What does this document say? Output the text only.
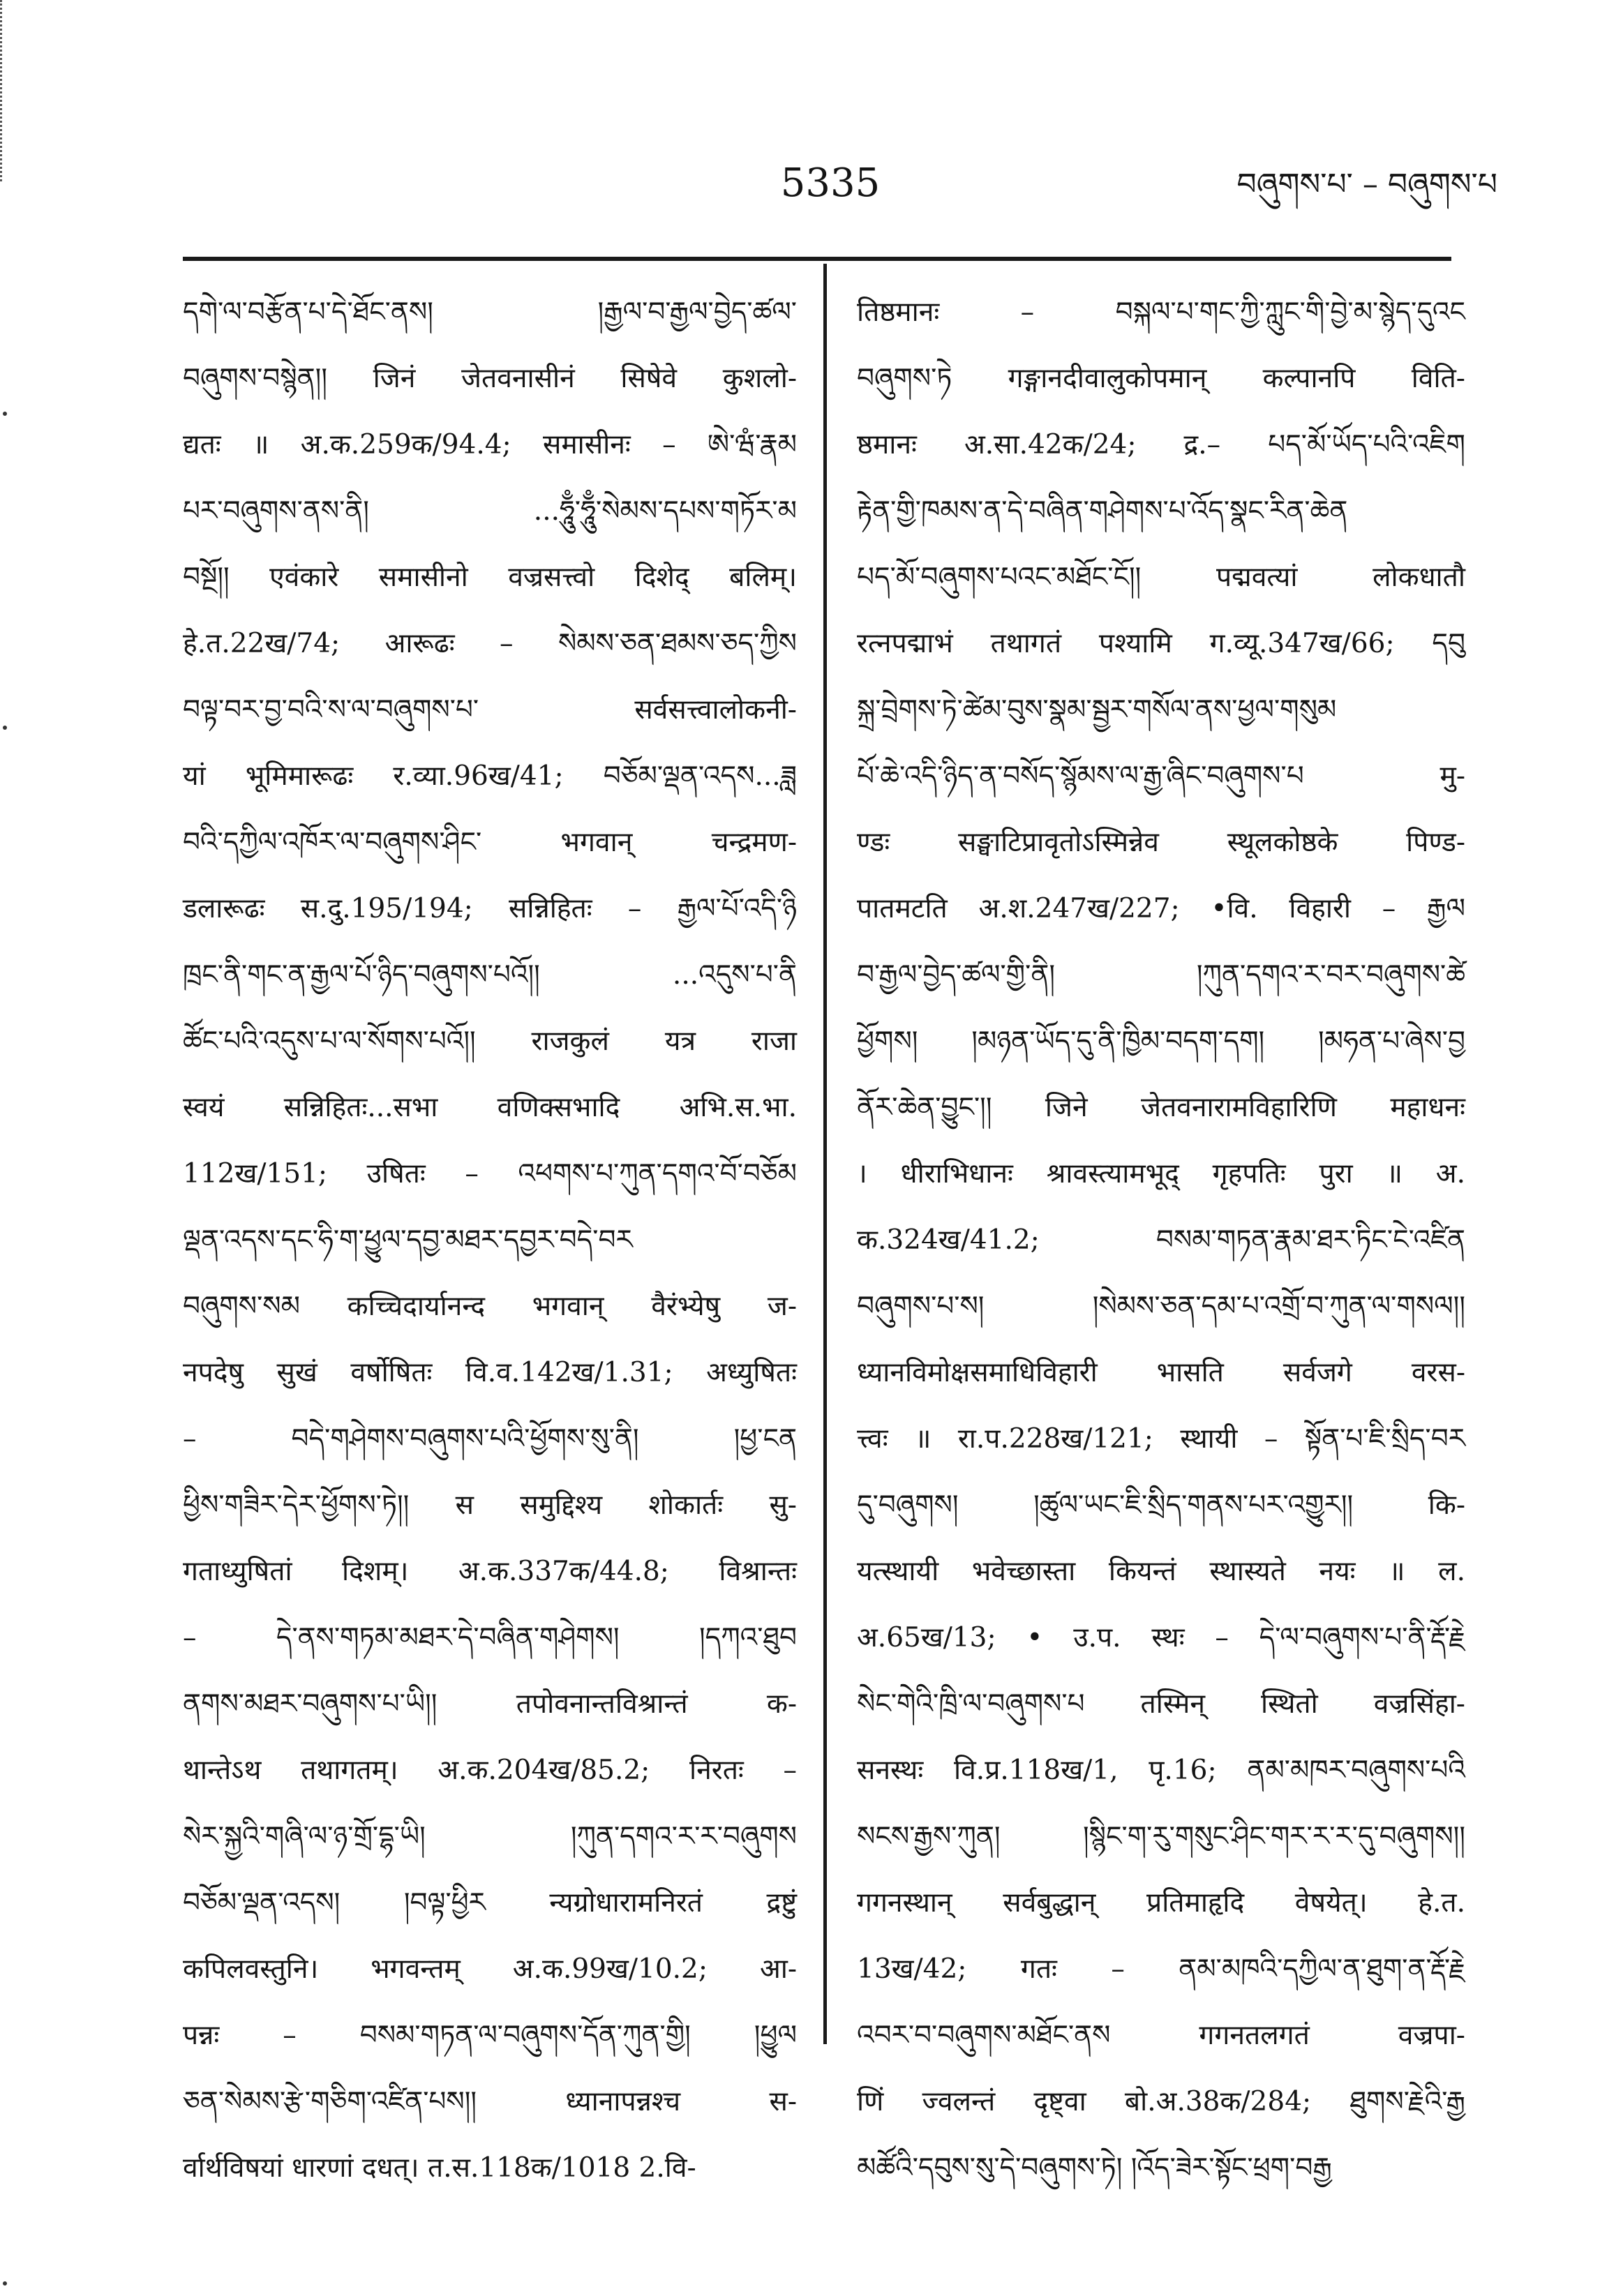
5335	བཞུགས་པ་ – བཞུགས་པ
དགེ་ལ་བརྩོན་པ་དེ་ཐོང་ནས། །རྒྱལ་བ་རྒྱལ་བྱེད་ཚལ་
བཞུགས་བསྙེན།། जिनं जेतवनासीनं सिषेवे कुशलो-
द्यतः ॥ अ.क.259क/94.4; समासीनः – ཨེ་ཝཾ་རྣམ
པར་བཞུགས་ནས་ནི། ...ཧཱུྃ་ཧཱུྃ་སེམས་དཔས་གཏོར་མ
བསྔོ།། एवंकारे समासीनो वज्रसत्त्वो दिशेद् बलिम्।
हे.त.22ख/74; आरूढः – སེམས་ཅན་ཐམས་ཅད་ཀྱིས
བལྟ་བར་བྱ་བའི་ས་ལ་བཞུགས་པ་ सर्वसत्त्वालोकनी-
यां भूमिमारूढः र.व्या.96ख/41; བཅོམ་ལྡན་འདས...ཟླ
བའི་དཀྱིལ་འཁོར་ལ་བཞུགས་ཤིང་ भगवान् चन्द्रमण-
डलारूढः स.दु.195/194; सन्निहितः – རྒྱལ་པོ་འདི་ཉི
ཁྲང་ནི་གང་ན་རྒྱལ་པོ་ཉིད་བཞུགས་པའོ།། ...འདུས་པ་ནི
ཚོང་པའི་འདུས་པ་ལ་སོགས་པའོ།། राजकुलं यत्र राजा
स्वयं सन्निहितः...सभा वणिक्सभादि अभि.स.भा.
112ख/151; उषितः – འཕགས་པ་ཀུན་དགའ་བོ་བཅོམ
ལྡན་འདས་དང་ཧི་ག་ཕྱུལ་དབྱ་མཐར་དབྱར་བདེ་བར
བཞུགས་སམ कच्चिदार्यानन्द भगवान् वैरंभ्येषु ज-
नपदेषु सुखं वर्षोषितः वि.व.142ख/1.31; अध्युषितः
– བདེ་གཤེགས་བཞུགས་པའི་ཕྱོགས་སུ་ནི། །ཕྱ་ངན
ཕྱིས་གཟིར་དེར་ཕྱོགས་ཏེ།། स समुद्दिश्य शोकार्तः सु-
गताध्युषितां दिशम्। अ.क.337क/44.8; विश्रान्तः
– དེ་ནས་གཏམ་མཐར་དེ་བཞིན་གཤེགས། །དཀའ་ཐུབ
ནགས་མཐར་བཞུགས་པ་ཡི།། तपोवनान्तविश्रान्तं क-
थान्तेऽथ तथागतम्। अ.क.204ख/85.2; निरतः –
སེར་སྐྱའི་གཞི་ལ་ཉ་གྲོ་དྷ་ཡི། །ཀུན་དགའ་ར་ར་བཞུགས
བཅོམ་ལྡན་འདས། །བལྟ་ཕྱིར न्यग्रोधारामनिरतं द्रष्टुं
कपिलवस्तुनि। भगवन्तम् अ.क.99ख/10.2; आ-
पन्नः – བསམ་གཏན་ལ་བཞུགས་དོན་ཀུན་གྱི། །ཕྱུལ
ཅན་སེམས་རྩེ་གཅིག་འཛིན་པས།། ध्यानापन्नश्च स-
र्वार्थविषयां धारणां दधत्। त.स.118क/1018 2.वि-
तिष्ठमानः – བསྐལ་པ་གང་ཀྱི་ཀླུང་གི་བྱེ་མ་སྙེད་དུའང
བཞུགས་ཏེ गङ्गानदीवालुकोपमान् कल्पानपि विति-
ष्ठमानः अ.सा.42क/24; द्र.– པད་མོ་ཡོད་པའི་འཇིག
རྟེན་གྱི་ཁམས་ན་དེ་བཞིན་གཤེགས་པ་འོད་སྣང་རིན་ཆེན
པད་མོ་བཞུགས་པའང་མཐོང་ངོ།། पद्मवत्यां लोकधातौ
रत्नपद्माभं तथागतं पश्यामि ग.व्यू.347ख/66; དབུ
སྐྲ་བྲེགས་ཏེ་ཚེམ་བུས་སྣམ་སྦྱར་གསོལ་ནས་ཕྱལ་གསུམ
པོ་ཆེ་འདི་ཉིད་ན་བསོད་སྙོམས་ལ་རྒྱ་ཞིང་བཞུགས་པ मु-
ण्डः सङ्घाटिप्रावृतोऽस्मिन्नेव स्थूलकोष्ठके पिण्ड-
पातमटति अ.श.247ख/227; •वि. विहारी – རྒྱལ
བ་རྒྱལ་བྱེད་ཚལ་གྱི་ནི། །ཀུན་དགའ་ར་བར་བཞུགས་ཚེ
ཕྱོགས། །མཉན་ཡོད་དུ་ནི་ཁྱིམ་བདག་དག། །མཧན་པ་ཞེས་བྱ
ནོར་ཆེན་བྱུང་།། जिने जेतवनारामविहारिणि महाधनः
। धीराभिधानः श्रावस्त्यामभूद् गृहपतिः पुरा ॥ अ.
क.324ख/41.2; བསམ་གཏན་རྣམ་ཐར་ཏིང་ངེ་འཛིན
བཞུགས་པ་ས། །སེམས་ཅན་དམ་པ་འགྲོ་བ་ཀུན་ལ་གསལ།།
ध्यानविमोक्षसमाधिविहारी भासति सर्वजगे वरस-
त्त्वः ॥ रा.प.228ख/121; स्थायी – སྟོན་པ་ཇི་སྲིད་བར
དུ་བཞུགས། །ཚུལ་ཡང་ཇི་སྲིད་གནས་པར་འགྱུར།། कि-
यत्स्थायी भवेच्छास्ता कियन्तं स्थास्यते नयः ॥ ल.
अ.65ख/13; • उ.प. स्थः – དེ་ལ་བཞུགས་པ་ནི་རྡོ་རྗེ
སེང་གེའི་ཁྲི་ལ་བཞུགས་པ तस्मिन् स्थितो वज्रसिंहा-
सनस्थः वि.प्र.118ख/1, पृ.16; ནམ་མཁར་བཞུགས་པའི
སངས་རྒྱས་ཀུན། །སྙིང་ག་རུ་གསུང་ཤིང་གར་ར་ར་དུ་བཞུགས།།
गगनस्थान् सर्वबुद्धान् प्रतिमाहृदि वेषयेत्। हे.त.
13ख/42; गतः – ནམ་མཁའི་དཀྱིལ་ན་ཐུག་ན་རྡོ་རྗེ
འབར་བ་བཞུགས་མཐོང་ནས गगनतलगतं वज्रपा-
णिं ज्वलन्तं दृष्ट्वा बो.अ.38क/284; ཐུགས་རྗེའི་རྒྱ
མཚོའི་དབུས་སུ་དེ་བཞུགས་ཏེ། །འོད་ཟེར་སྟོང་ཕྲག་བརྒྱ
